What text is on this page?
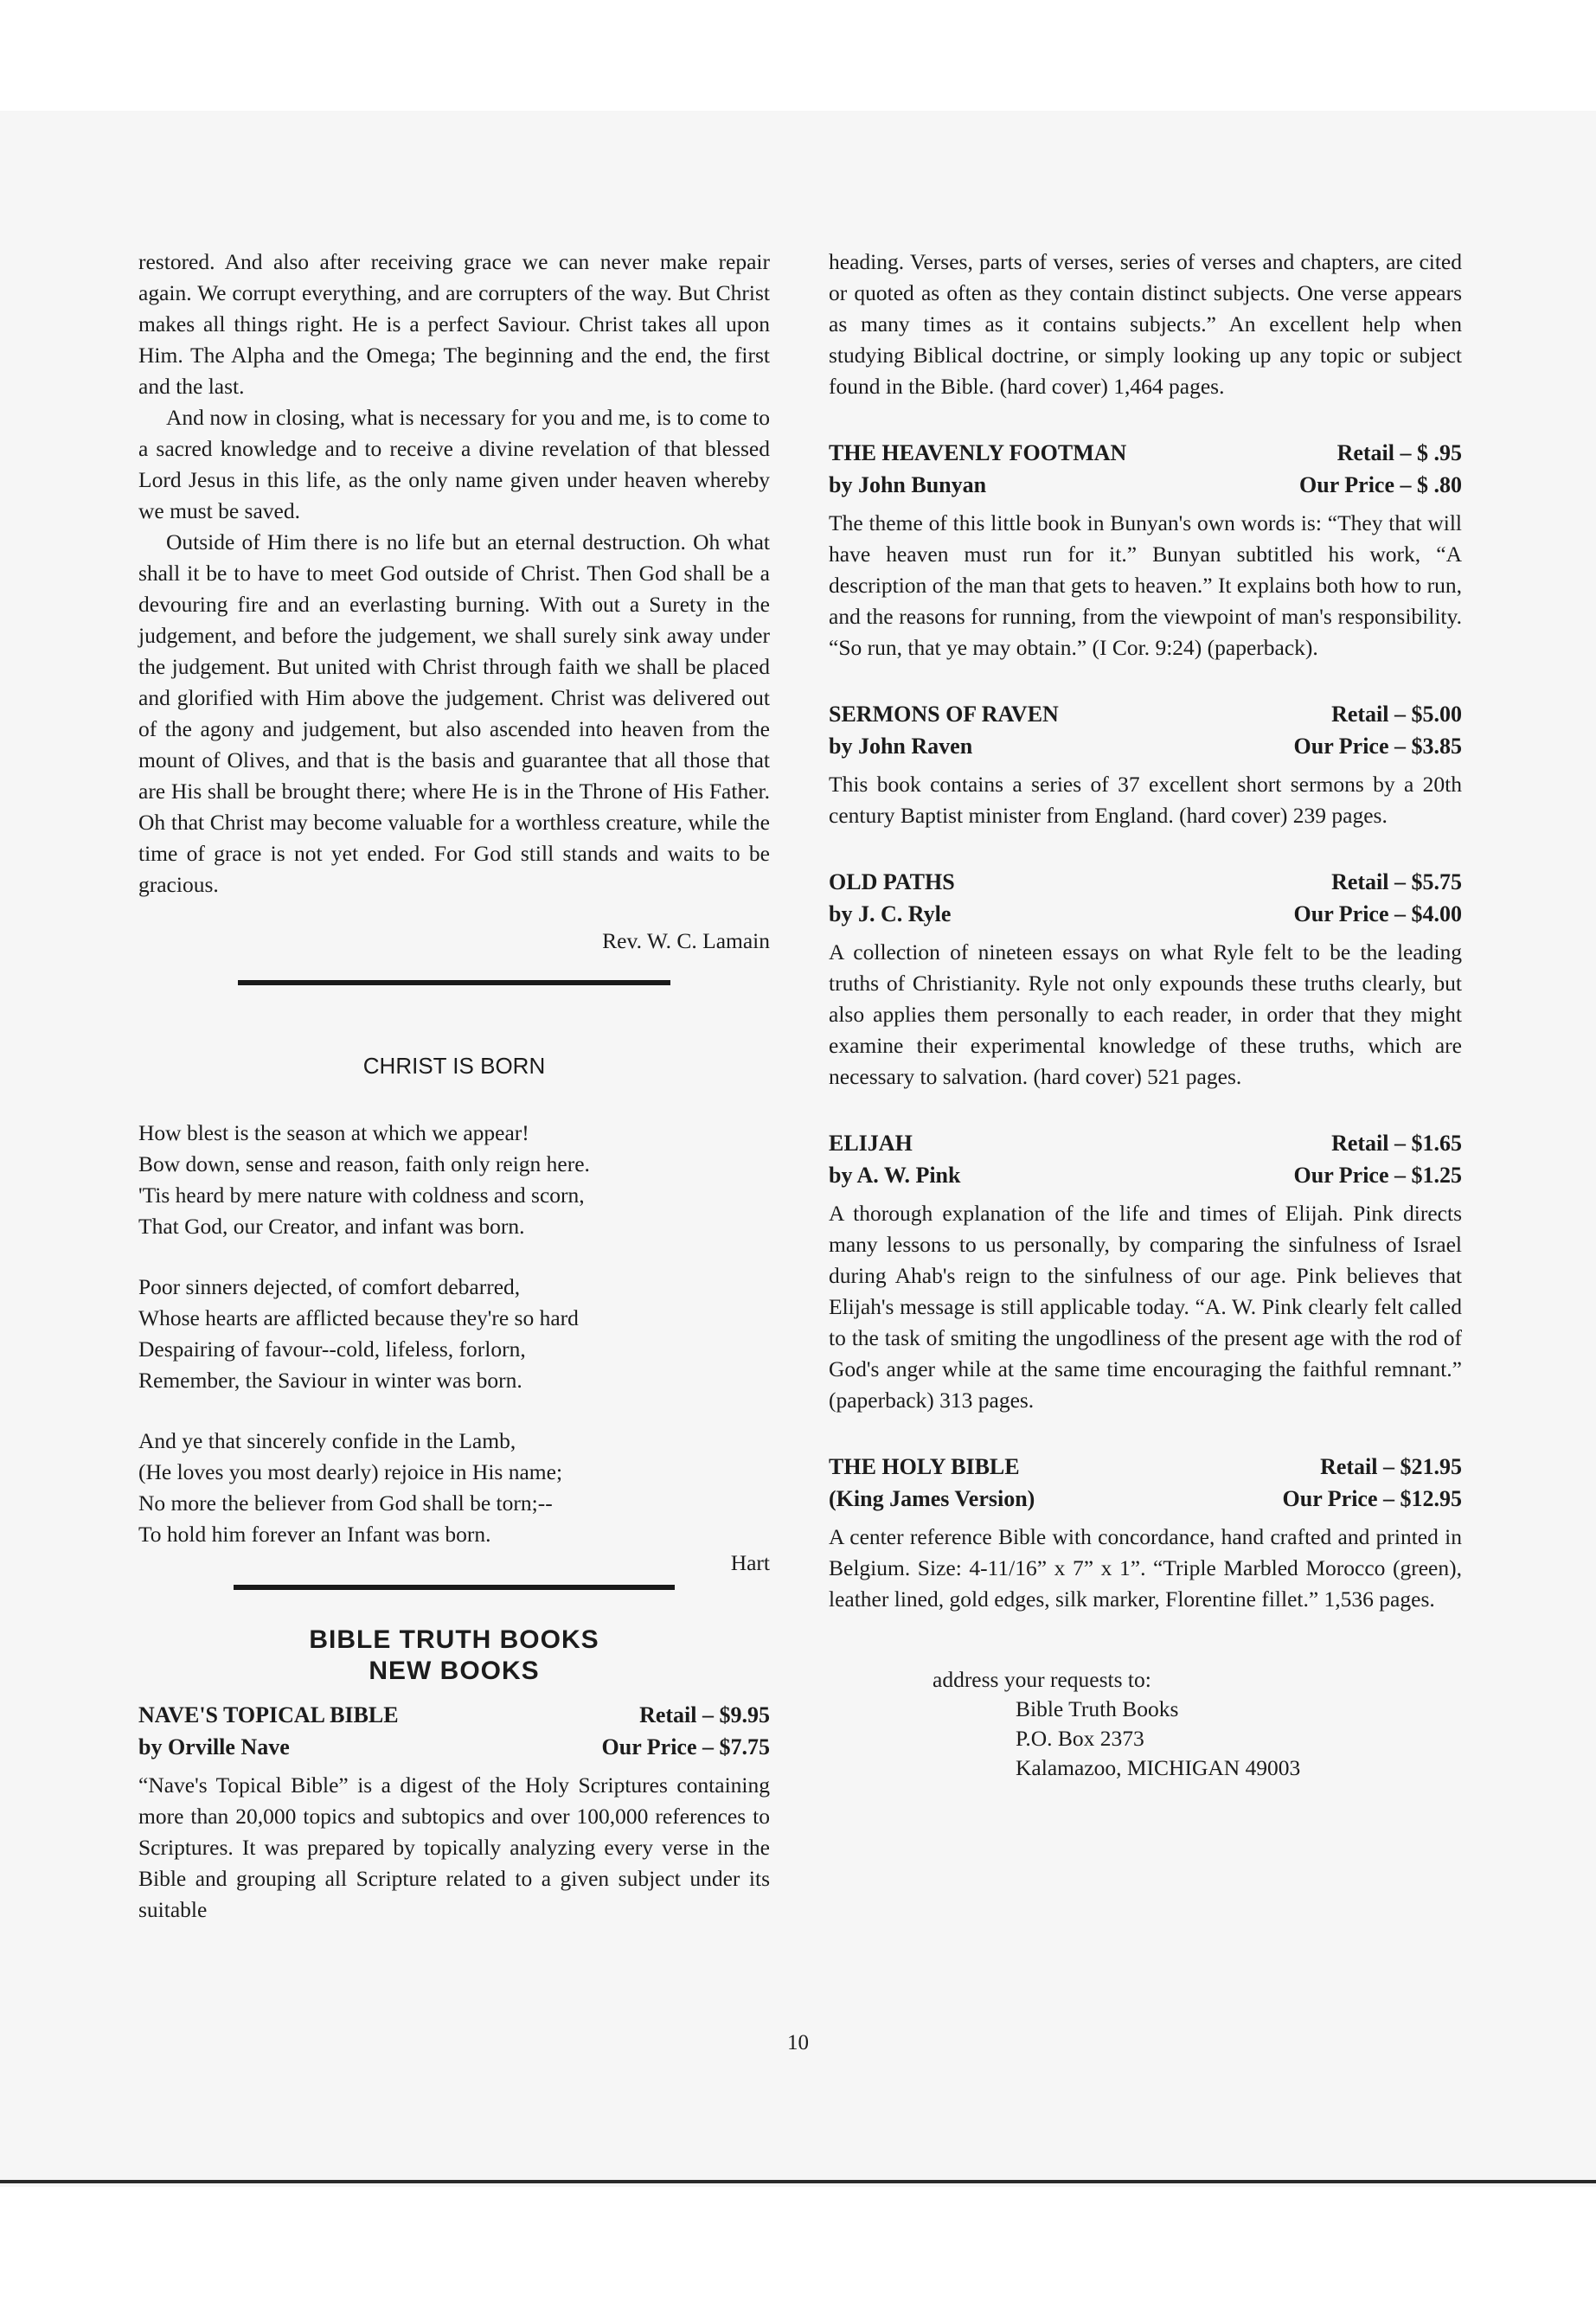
restored. And also after receiving grace we can never make repair again. We corrupt everything, and are corrupters of the way. But Christ makes all things right. He is a perfect Saviour. Christ takes all upon Him. The Alpha and the Omega; The beginning and the end, the first and the last.

And now in closing, what is necessary for you and me, is to come to a sacred knowledge and to receive a divine revelation of that blessed Lord Jesus in this life, as the only name given under heaven whereby we must be saved.

Outside of Him there is no life but an eternal destruction. Oh what shall it be to have to meet God outside of Christ. Then God shall be a devouring fire and an everlasting burning. With out a Surety in the judgement, and before the judgement, we shall surely sink away under the judgement. But united with Christ through faith we shall be placed and glorified with Him above the judgement. Christ was delivered out of the agony and judgement, but also ascended into heaven from the mount of Olives, and that is the basis and guarantee that all those that are His shall be brought there; where He is in the Throne of His Father. Oh that Christ may become valuable for a worthless creature, while the time of grace is not yet ended. For God still stands and waits to be gracious.

Rev. W. C. Lamain
CHRIST IS BORN
How blest is the season at which we appear!
Bow down, sense and reason, faith only reign here.
'Tis heard by mere nature with coldness and scorn,
That God, our Creator, and infant was born.
Poor sinners dejected, of comfort debarred,
Whose hearts are afflicted because they're so hard
Despairing of favour--cold, lifeless, forlorn,
Remember, the Saviour in winter was born.
And ye that sincerely confide in the Lamb,
(He loves you most dearly) rejoice in His name;
No more the believer from God shall be torn;--
To hold him forever an Infant was born.
Hart
BIBLE TRUTH BOOKS
NEW BOOKS
NAVE'S TOPICAL BIBLE
by Orville Nave
Retail – $9.95
Our Price – $7.75

“Nave's Topical Bible” is a digest of the Holy Scriptures containing more than 20,000 topics and subtopics and over 100,000 references to Scriptures. It was prepared by topically analyzing every verse in the Bible and grouping all Scripture related to a given subject under its suitable

heading. Verses, parts of verses, series of verses and chapters, are cited or quoted as often as they contain distinct subjects. One verse appears as many times as it contains subjects.” An excellent help when studying Biblical doctrine, or simply looking up any topic or subject found in the Bible. (hard cover) 1,464 pages.

THE HEAVENLY FOOTMAN
by John Bunyan
Retail – $ .95
Our Price – $ .80

The theme of this little book in Bunyan's own words is: “They that will have heaven must run for it.” Bunyan subtitled his work, “A description of the man that gets to heaven.” It explains both how to run, and the reasons for running, from the viewpoint of man's responsibility. “So run, that ye may obtain.” (I Cor. 9:24) (paperback).

SERMONS OF RAVEN
by John Raven
Retail – $5.00
Our Price – $3.85

This book contains a series of 37 excellent short sermons by a 20th century Baptist minister from England. (hard cover) 239 pages.

OLD PATHS
by J. C. Ryle
Retail – $5.75
Our Price – $4.00

A collection of nineteen essays on what Ryle felt to be the leading truths of Christianity. Ryle not only expounds these truths clearly, but also applies them personally to each reader, in order that they might examine their experimental knowledge of these truths, which are necessary to salvation. (hard cover) 521 pages.

ELIJAH
by A. W. Pink
Retail – $1.65
Our Price – $1.25

A thorough explanation of the life and times of Elijah. Pink directs many lessons to us personally, by comparing the sinfulness of Israel during Ahab's reign to the sinfulness of our age. Pink believes that Elijah's message is still applicable today. “A. W. Pink clearly felt called to the task of smiting the ungodliness of the present age with the rod of God's anger while at the same time encouraging the faithful remnant.” (paperback) 313 pages.

THE HOLY BIBLE
(King James Version)
Retail – $21.95
Our Price – $12.95

A center reference Bible with concordance, hand crafted and printed in Belgium. Size: 4-11/16” x 7” x 1”. “Triple Marbled Morocco (green), leather lined, gold edges, silk marker, Florentine fillet.” 1,536 pages.

address your requests to:
Bible Truth Books
P.O. Box 2373
Kalamazoo, MICHIGAN 49003
10
